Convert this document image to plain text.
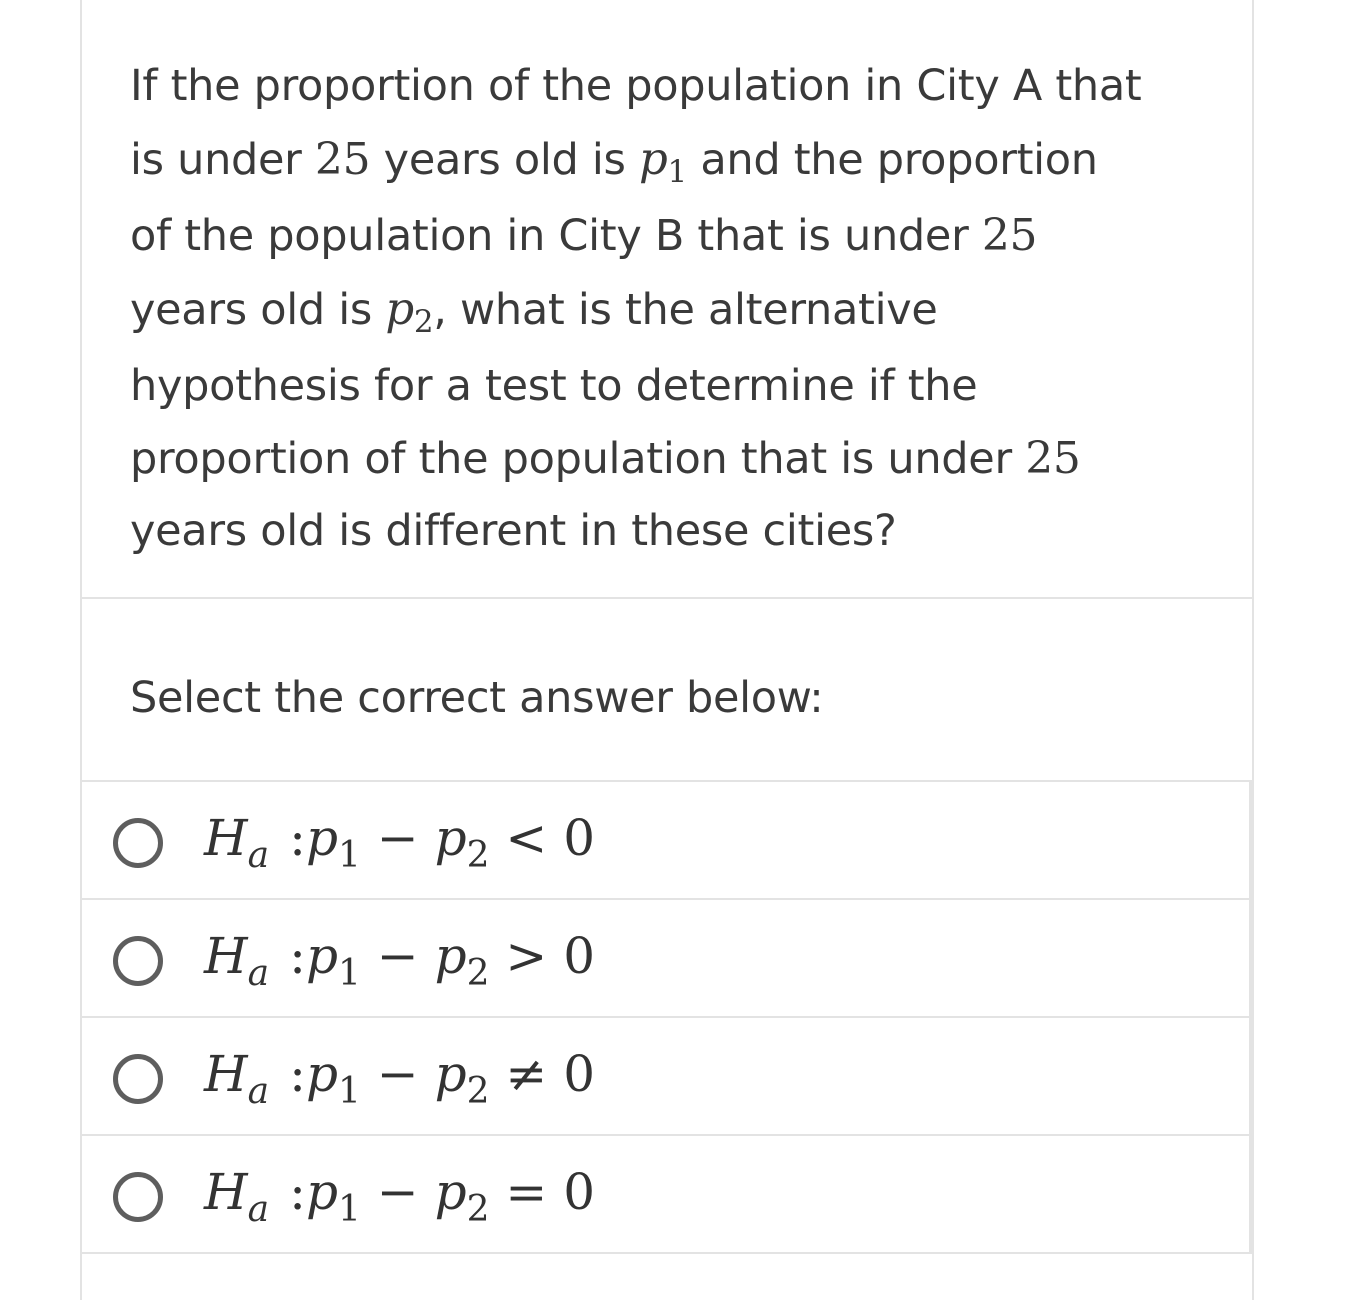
If the proportion of the population in City A that
is under 25 years old is p1 and the proportion
of the population in City B that is under 25
years old is p2, what is the alternative
hypothesis for a test to determine if the
proportion of the population that is under 25
years old is different in these cities?
Select the correct answer below:
$H_a$ $:p_1 - p_2 < 0$
$H_a$ $:p_1 - p_2 > 0$
$H_a$ $:p_1 - p_2 \ne 0$
$H_a$ $:p_1 - p_2 = 0$
